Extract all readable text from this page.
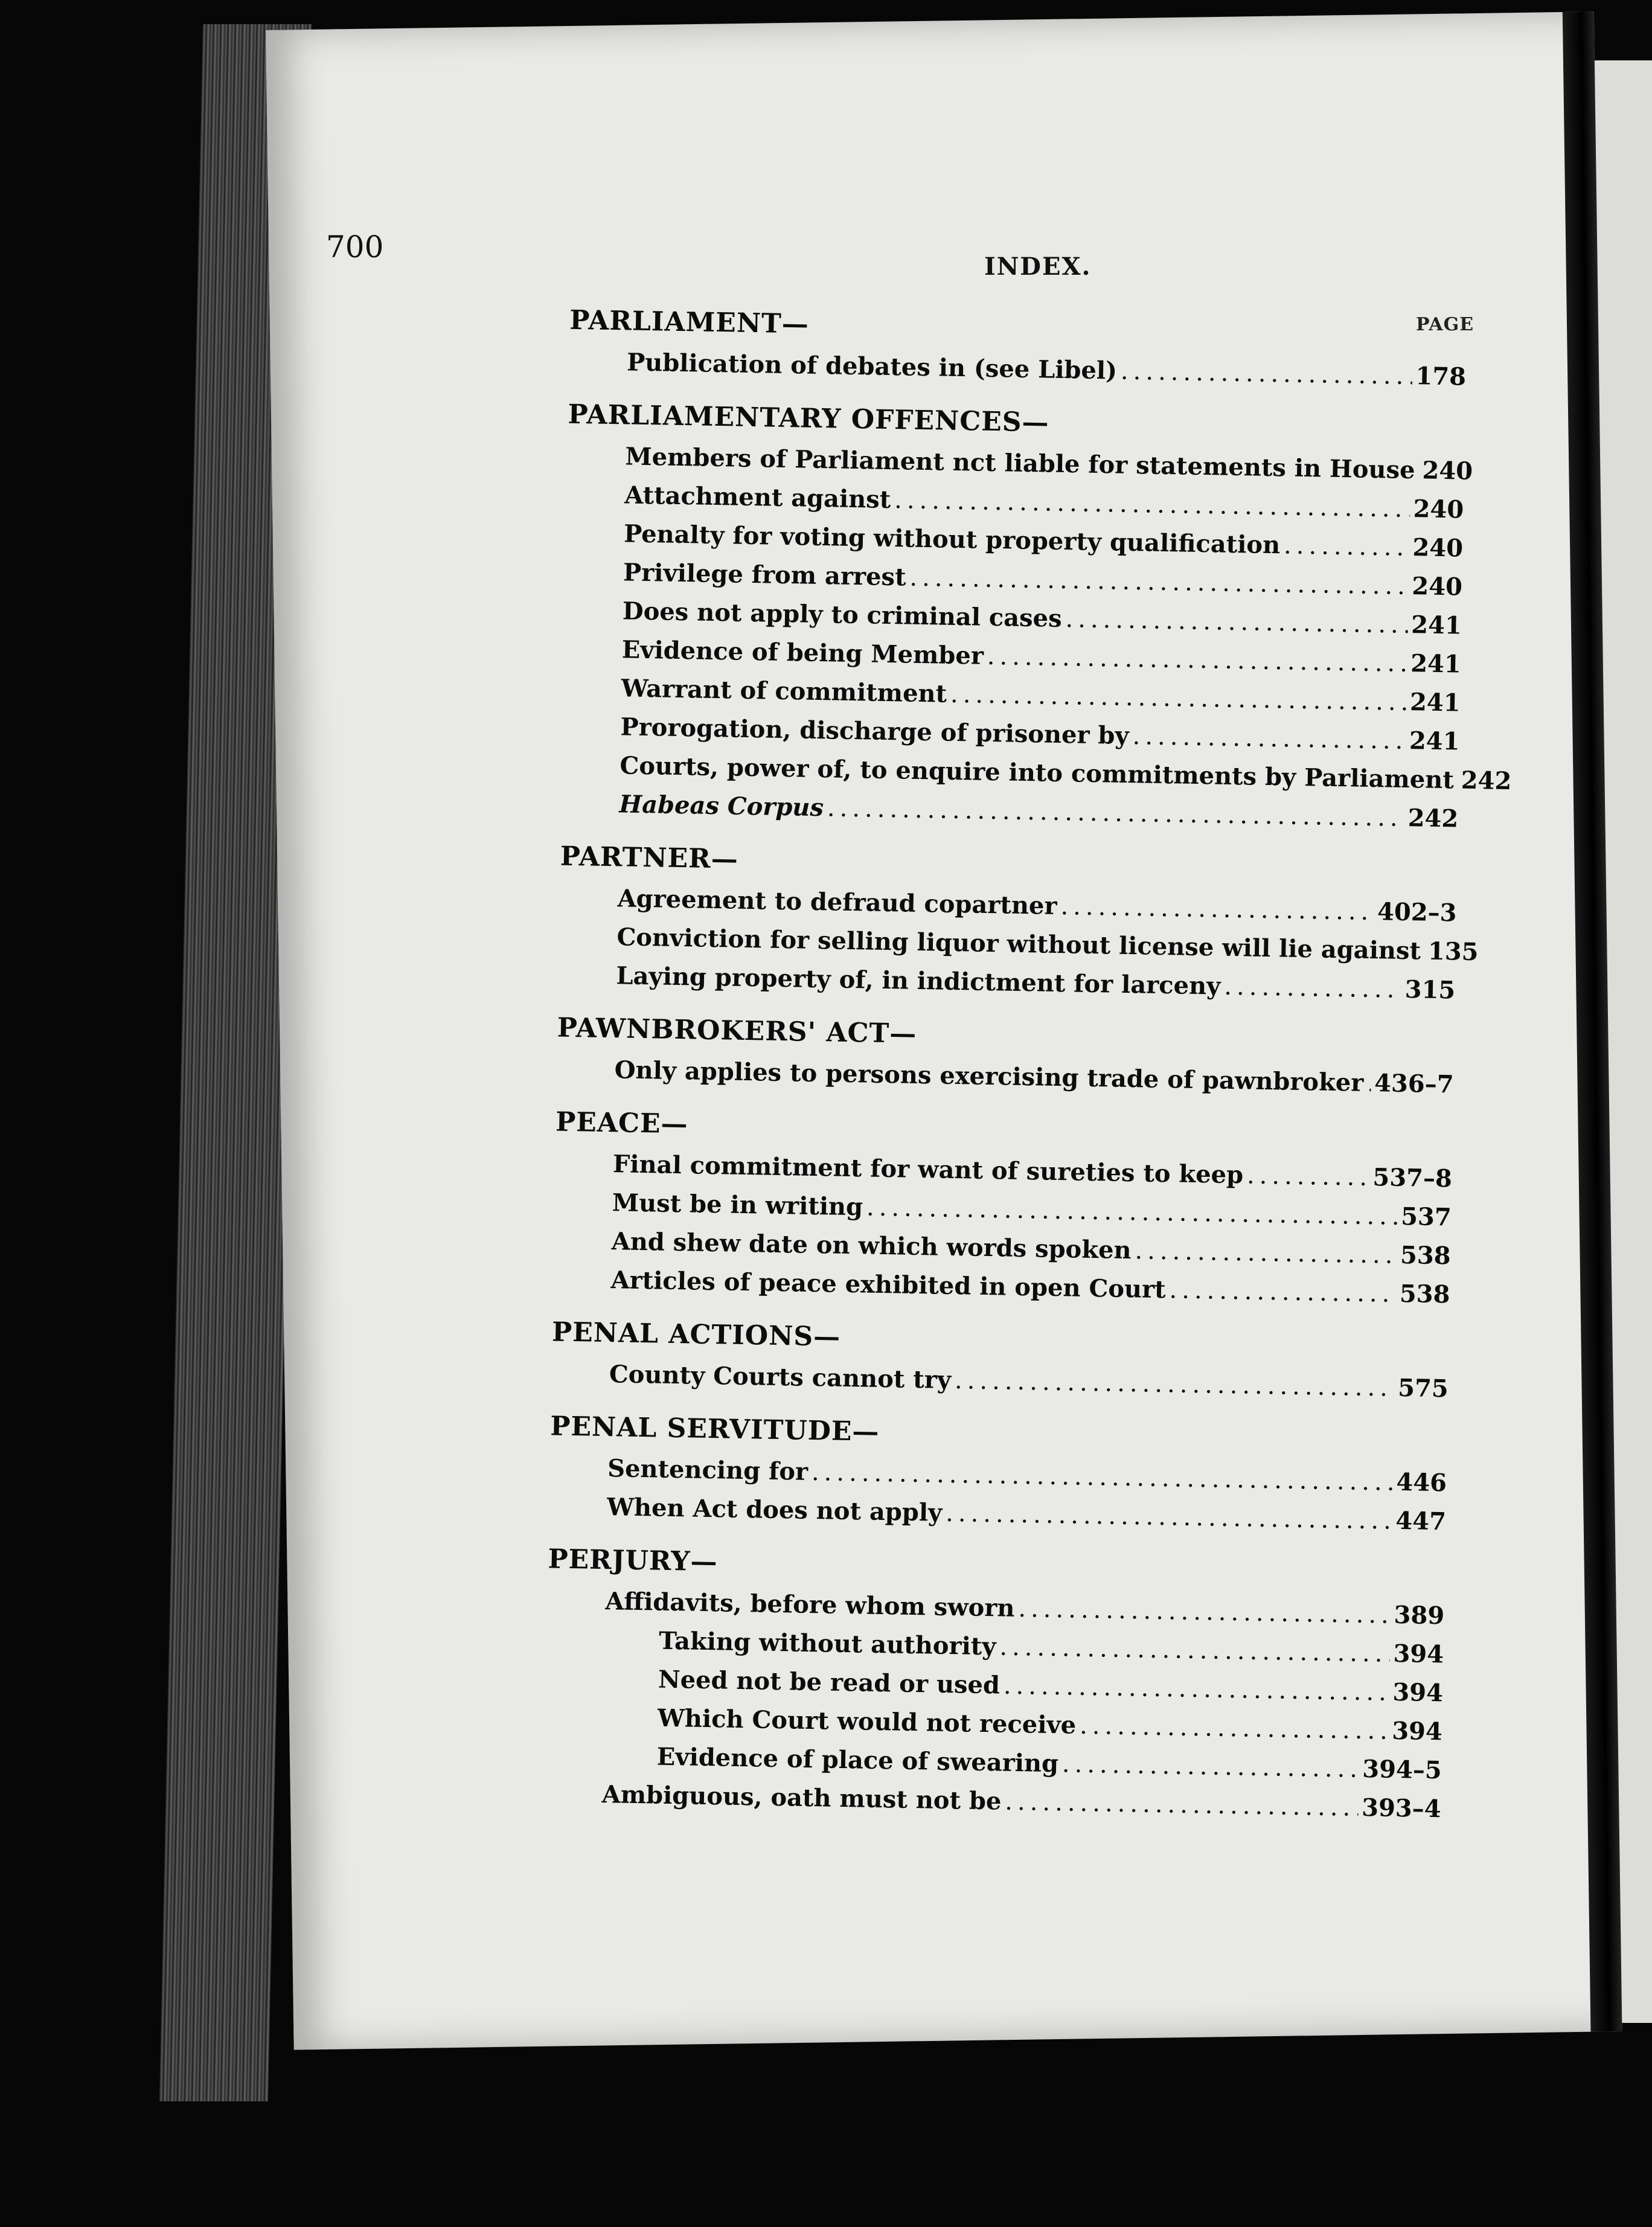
700
INDEX.
PAGE
PARLIAMENT—
Publication of debates in (see Libel) .....	178
PARLIAMENTARY OFFENCES—
Members of Parliament nct liable for statements in House ..... 240
Attachment against .....	240
Penalty for voting without property qualification .....	240
Privilege from arrest .....	240
Does not apply to criminal cases .....	241
Evidence of being Member .....	241
Warrant of commitment .....	241
Prorogation, discharge of prisoner by .....	241
Courts, power of, to enquire into commitments by Parliament ..... 242
Habeas Corpus .....	242
PARTNER—
Agreement to defraud copartner .....	402–3
Conviction for selling liquor without license will lie against ..... 135
Laying property of, in indictment for larceny .....	315
PAWNBROKERS' ACT—
Only applies to persons exercising trade of pawnbroker ..... 436–7
PEACE—
Final commitment for want of sureties to keep .....	537–8
Must be in writing .....	537
And shew date on which words spoken .....	538
Articles of peace exhibited in open Court .....	538
PENAL ACTIONS—
County Courts cannot try .....	575
PENAL SERVITUDE—
Sentencing for .....	446
When Act does not apply .....	447
PERJURY—
Affidavits, before whom sworn .....	389
Taking without authority .....	394
Need not be read or used .....	394
Which Court would not receive .....	394
Evidence of place of swearing .....	394–5
Ambiguous, oath must not be .....	393–4
